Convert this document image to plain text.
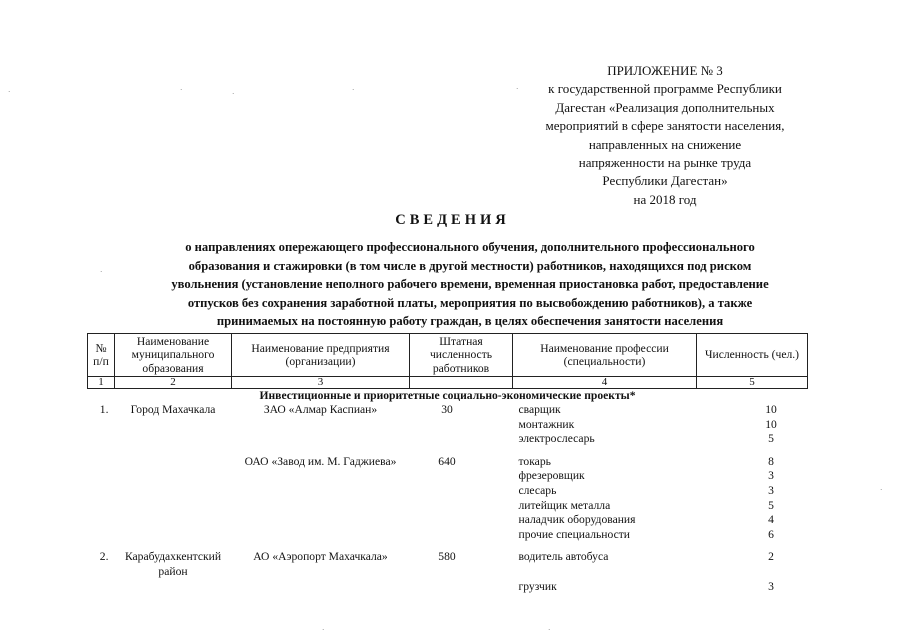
ПРИЛОЖЕНИЕ № 3
к государственной программе Республики
Дагестан «Реализация дополнительных
мероприятий в сфере занятости населения,
направленных на снижение
напряженности на рынке труда
Республики Дагестан»
на 2018 год
СВЕДЕНИЯ
о направлениях опережающего профессионального обучения, дополнительного профессионального
образования и стажировки (в том числе в другой местности) работников, находящихся под риском
увольнения (установление неполного рабочего времени, временная приостановка работ, предоставление
отпусков без сохранения заработной платы, мероприятия по высвобождению работников), а также
принимаемых на постоянную работу граждан, в целях обеспечения занятости населения
№ п/п	Наименование муниципального образования	Наименование предприятия (организации)	Штатная численность работников	Наименование профессии (специальности)	Численность (чел.)
1	2	3		4	5
Инвестиционные и приоритетные социально-экономические проекты*					
1.	Город Махачкала	ЗАО «Алмар Каспиан»	30	сварщик	10
				монтажник	10
				электрослесарь	5

		ОАО «Завод им. М. Гаджиева»	640	токарь	8
				фрезеровщик	3
				слесарь	3
				литейщик металла	5
				наладчик оборудования	4
				прочие специальности	6

2.	Карабудахкентский район	АО «Аэропорт Махачкала»	580	водитель автобуса	2
				грузчик	3
·	·	·	·	·
·
·	·
·
